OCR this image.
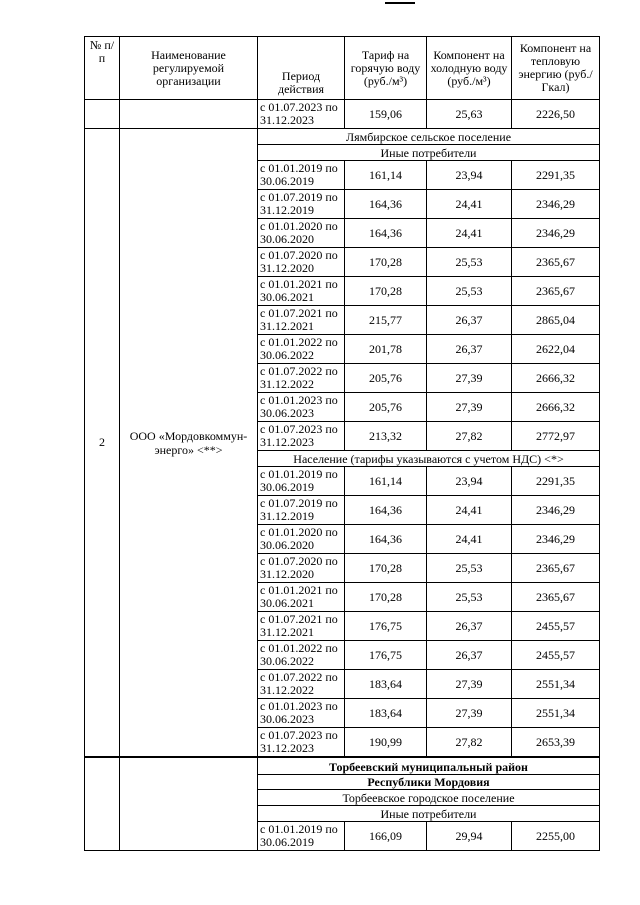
№ п/п	Наименование регулируемой организации	Период действия	Тариф на горячую воду (руб./м³)	Компонент на холодную воду (руб./м³)	Компонент на тепловую энергию (руб./Гкал)
		с 01.07.2023 по 31.12.2023	159,06	25,63	2226,50
2	ООО «Мордовкоммун-энерго» <**>	Лямбирское сельское поселение			
		Иные потребители			
		с 01.01.2019 по 30.06.2019	161,14	23,94	2291,35
		с 01.07.2019 по 31.12.2019	164,36	24,41	2346,29
		с 01.01.2020 по 30.06.2020	164,36	24,41	2346,29
		с 01.07.2020 по 31.12.2020	170,28	25,53	2365,67
		с 01.01.2021 по 30.06.2021	170,28	25,53	2365,67
		с 01.07.2021 по 31.12.2021	215,77	26,37	2865,04
		с 01.01.2022 по 30.06.2022	201,78	26,37	2622,04
		с 01.07.2022 по 31.12.2022	205,76	27,39	2666,32
		с 01.01.2023 по 30.06.2023	205,76	27,39	2666,32
		с 01.07.2023 по 31.12.2023	213,32	27,82	2772,97
		Население (тарифы указываются с учетом НДС) <*>			
		с 01.01.2019 по 30.06.2019	161,14	23,94	2291,35
		с 01.07.2019 по 31.12.2019	164,36	24,41	2346,29
		с 01.01.2020 по 30.06.2020	164,36	24,41	2346,29
		с 01.07.2020 по 31.12.2020	170,28	25,53	2365,67
		с 01.01.2021 по 30.06.2021	170,28	25,53	2365,67
		с 01.07.2021 по 31.12.2021	176,75	26,37	2455,57
		с 01.01.2022 по 30.06.2022	176,75	26,37	2455,57
		с 01.07.2022 по 31.12.2022	183,64	27,39	2551,34
		с 01.01.2023 по 30.06.2023	183,64	27,39	2551,34
		с 01.07.2023 по 31.12.2023	190,99	27,82	2653,39
		Торбеевский муниципальный район			
		Республики Мордовия			
		Торбеевское городское поселение			
		Иные потребители			
		с 01.01.2019 по 30.06.2019	166,09	29,94	2255,00
